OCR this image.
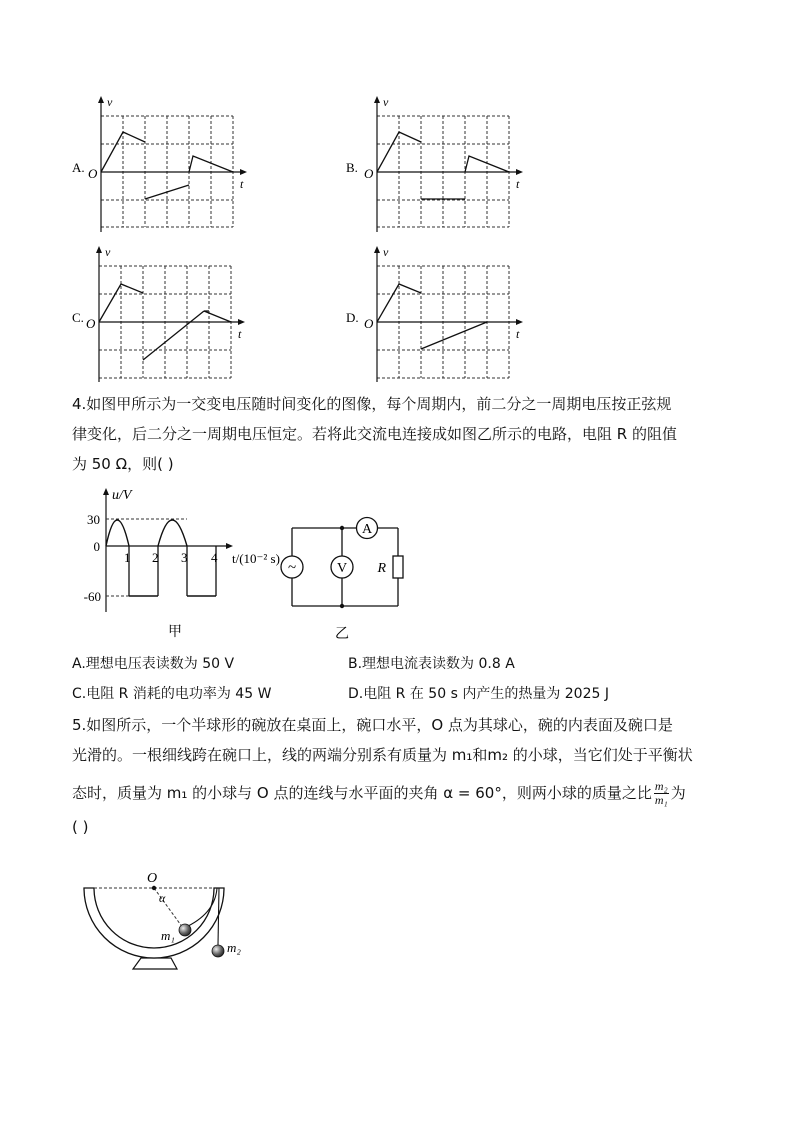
A. O
v
t
B. O
v
t
C. O
v
t
D. O
v
t
4.如图甲所示为一交变电压随时间变化的图像，每个周期内，前二分之一周期电压按正弦规
律变化，后二分之一周期电压恒定。若将此交流电连接成如图乙所示的电路，电阻 R 的阻值
为 50 Ω，则( )
u/V
t/(10⁻² s)
30
0
-60
1 2 3 4
甲
A
~	V R
乙
A.理想电压表读数为 50 V	B.理想电流表读数为 0.8 A
C.电阻 R 消耗的电功率为 45 W	D.电阻 R 在 50 s 内产生的热量为 2025 J
5.如图所示，一个半球形的碗放在桌面上，碗口水平，O 点为其球心，碗的内表面及碗口是
光滑的。一根细线跨在碗口上，线的两端分别系有质量为 m₁和m₂ 的小球，当它们处于平衡状
态时，质量为 m₁ 的小球与 O 点的连线与水平面的夹角 α = 60°，则两小球的质量之比 $\frac{\text{m₂}}{\text{m₁}}$ 为
( )
O
α
m₁
m₂
